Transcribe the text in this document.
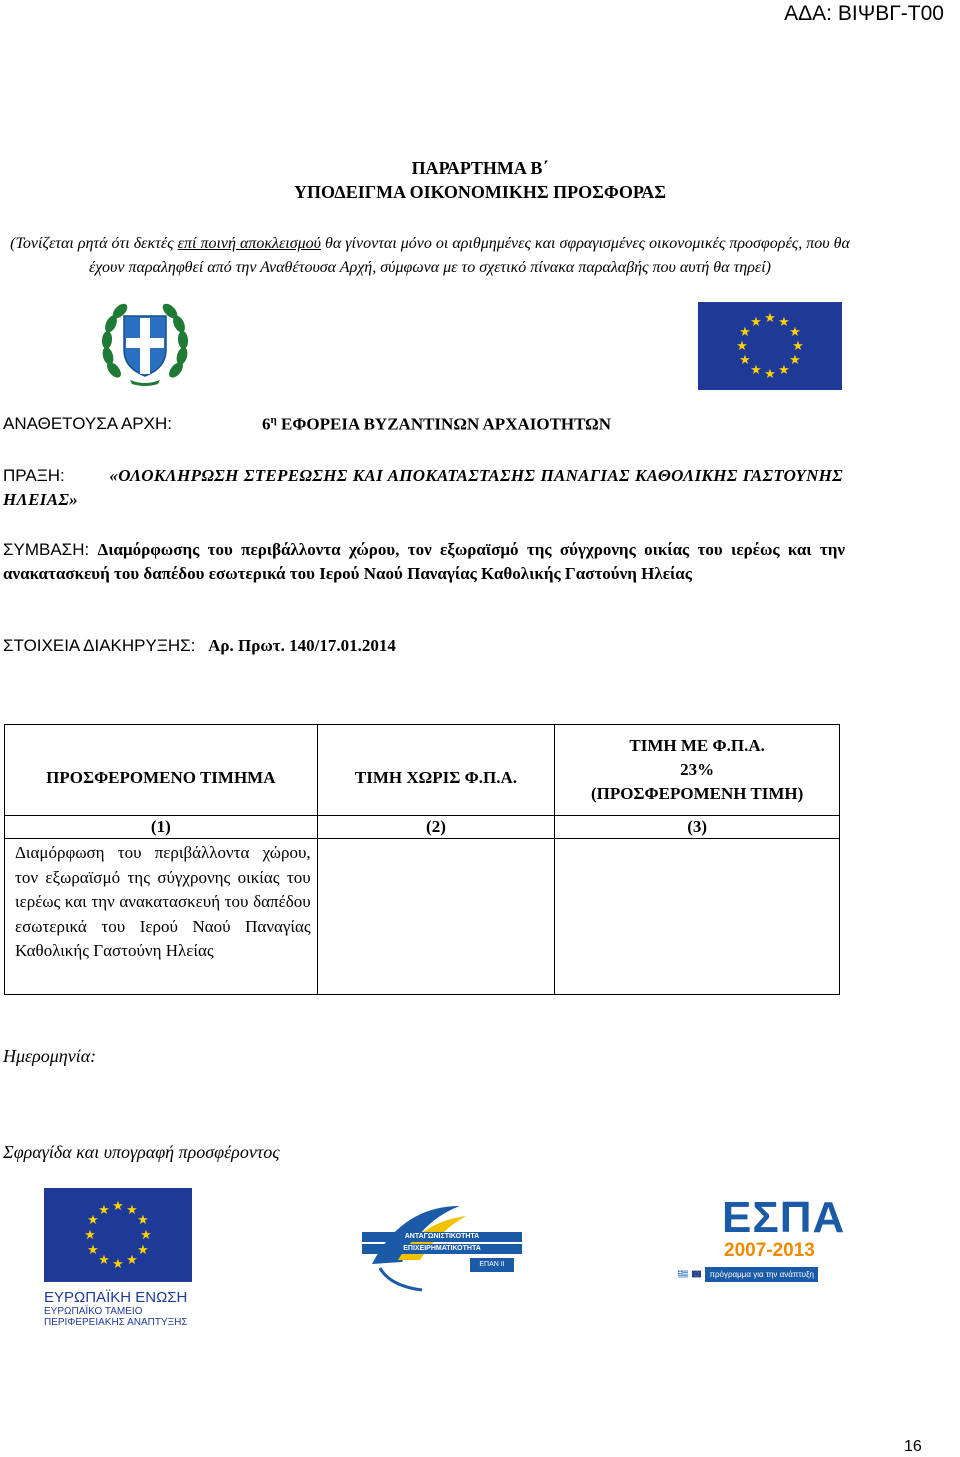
ΑΔΑ: ΒΙΨΒΓ-Τ00
ΠΑΡΑΡΤΗΜΑ Β΄
ΥΠΟΔΕΙΓΜΑ ΟΙΚΟΝΟΜΙΚΗΣ ΠΡΟΣΦΟΡΑΣ
(Τονίζεται ρητά ότι δεκτές επί ποινή αποκλεισμού θα γίνονται μόνο οι αριθμημένες και σφραγισμένες οικονομικές προσφορές, που θα έχουν παραληφθεί από την Αναθέτουσα Αρχή, σύμφωνα με το σχετικό πίνακα παραλαβής που αυτή θα τηρεί)
★ ★
★
★
★
★
★
★
★
★
★
★
ΑΝΑΘΕΤΟΥΣΑ ΑΡΧΗ:	$6^\eta$ ΕΦΟΡΕΙΑ ΒΥΖΑΝΤΙΝΩΝ ΑΡΧΑΙΟΤΗΤΩΝ
ΠΡΑΞΗ:	«ΟΛΟΚΛΗΡΩΣΗ ΣΤΕΡΕΩΣΗΣ ΚΑΙ ΑΠΟΚΑΤΑΣΤΑΣΗΣ ΠΑΝΑΓΙΑΣ ΚΑΘΟΛΙΚΗΣ ΓΑΣΤΟΥΝΗΣ ΗΛΕΙΑΣ»
ΣΥΜΒΑΣΗ: Διαμόρφωσης του περιβάλλοντα χώρου, τον εξωραϊσμό της σύγχρονης οικίας του ιερέως και την ανακατασκευή του δαπέδου εσωτερικά του Ιερού Ναού Παναγίας Καθολικής Γαστούνη Ηλείας
ΣΤΟΙΧΕΙΑ ΔΙΑΚΗΡΥΞΗΣ: Αρ. Πρωτ. 140/17.01.2014
ΠΡΟΣΦΕΡΟΜΕΝΟ ΤΙΜΗΜΑ	ΤΙΜΗ ΧΩΡΙΣ Φ.Π.Α.	ΤΙΜΗ ΜΕ Φ.Π.Α.
23%
(ΠΡΟΣΦΕΡΟΜΕΝΗ ΤΙΜΗ)

(1)	(2)	(3)
Διαμόρφωση του περιβάλλοντα χώρου, τον εξωραϊσμό της σύγχρονης οικίας του ιερέως και την ανακατασκευή του δαπέδου εσωτερικά του Ιερού Ναού Παναγίας Καθολικής Γαστούνη Ηλείας		
Ημερομηνία:
Σφραγίδα και υπογραφή προσφέροντος
★ ★
★
★
★
★
★
★
★
★
★
★
ΕΥΡΩΠΑΪΚΗ ΕΝΩΣΗ
ΕΥΡΩΠΑΪΚΟ ΤΑΜΕΙΟ
ΠΕΡΙΦΕΡΕΙΑΚΗΣ ΑΝΑΠΤΥΞΗΣ
ΑΝΤΑΓΩΝΙΣΤΙΚΟΤΗΤΑ
ΕΠΙΧΕΙΡΗΜΑΤΙΚΟΤΗΤΑ
ΕΠΑΝ ΙΙ
ΕΣΠΑ
2007-2013
πρόγραμμα για την ανάπτυξη
16
